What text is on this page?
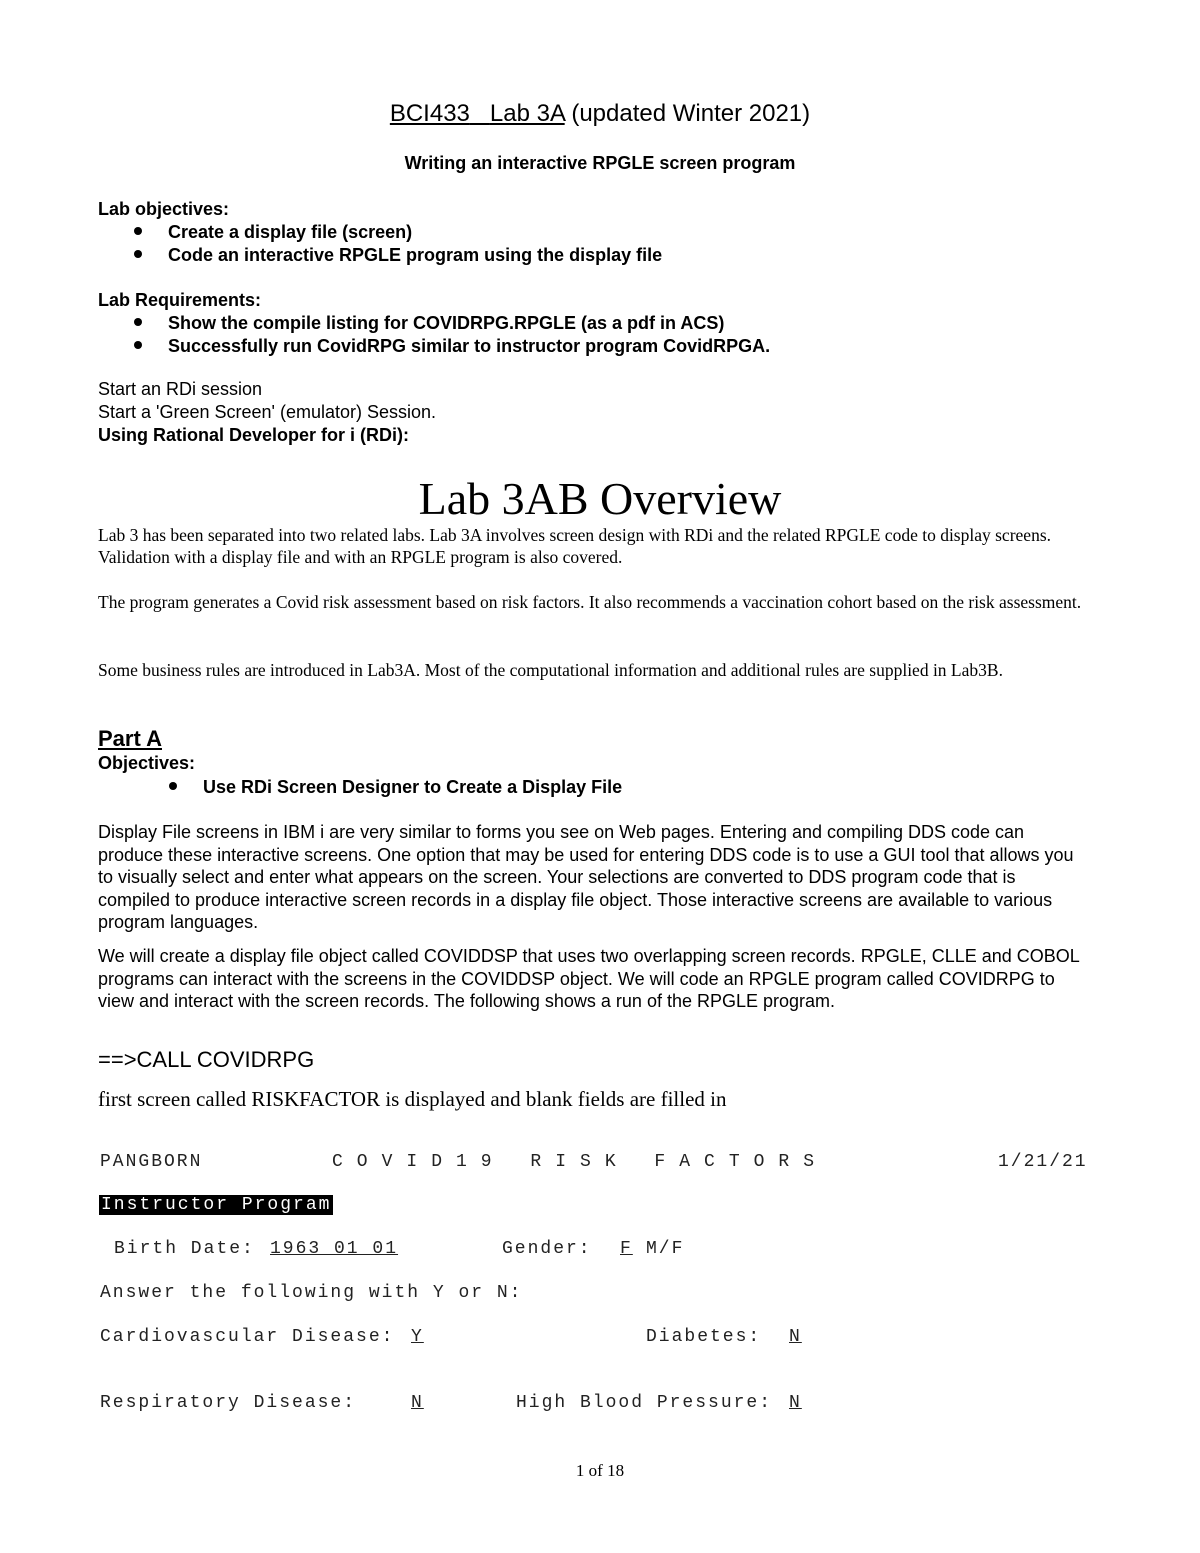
BCI433 Lab 3A (updated Winter 2021)
Writing an interactive RPGLE screen program
Lab objectives:
Create a display file (screen)
Code an interactive RPGLE program using the display file
Lab Requirements:
Show the compile listing for COVIDRPG.RPGLE (as a pdf in ACS)
Successfully run CovidRPG similar to instructor program CovidRPGA.
Start an RDi session
Start a 'Green Screen' (emulator) Session.
Using Rational Developer for i (RDi):
Lab 3AB Overview
Lab 3 has been separated into two related labs. Lab 3A involves screen design with RDi and the related RPGLE code to display screens. Validation with a display file and with an RPGLE program is also covered.
The program generates a Covid risk assessment based on risk factors. It also recommends a vaccination cohort based on the risk assessment.
Some business rules are introduced in Lab3A. Most of the computational information and additional rules are supplied in Lab3B.
Part A
Objectives:
Use RDi Screen Designer to Create a Display File
Display File screens in IBM i are very similar to forms you see on Web pages. Entering and compiling DDS code can produce these interactive screens. One option that may be used for entering DDS code is to use a GUI tool that allows you to visually select and enter what appears on the screen. Your selections are converted to DDS program code that is compiled to produce interactive screen records in a display file object. Those interactive screens are available to various program languages.
We will create a display file object called COVIDDSP that uses two overlapping screen records. RPGLE, CLLE and COBOL programs can interact with the screens in the COVIDDSP object. We will code an RPGLE program called COVIDRPG to view and interact with the screen records. The following shows a run of the RPGLE program.
==>CALL COVIDRPG
first screen called RISKFACTOR is displayed and blank fields are filled in
PANGBORN	COVID19 RISK FACTORS	1/21/21
Instructor Program
Birth Date: 1963 01 01	Gender: F M/F
Answer the following with Y or N:
Cardiovascular Disease: Y	Diabetes: N
Respiratory Disease:	N	High Blood Pressure: N
1 of 18
